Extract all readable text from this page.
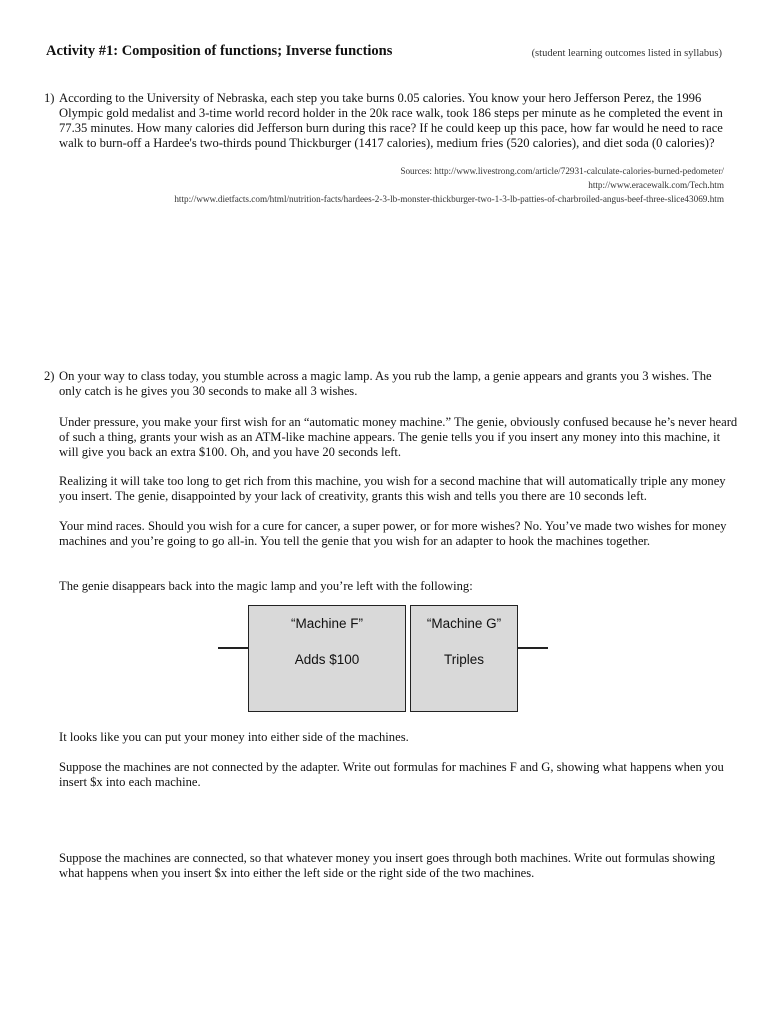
Activity #1: Composition of functions; Inverse functions	(student learning outcomes listed in syllabus)
1) According to the University of Nebraska, each step you take burns 0.05 calories. You know your hero Jefferson Perez, the 1996 Olympic gold medalist and 3-time world record holder in the 20k race walk, took 186 steps per minute as he completed the event in 77.35 minutes. How many calories did Jefferson burn during this race? If he could keep up this pace, how far would he need to race walk to burn-off a Hardee's two-thirds pound Thickburger (1417 calories), medium fries (520 calories), and diet soda (0 calories)?
Sources: http://www.livestrong.com/article/72931-calculate-calories-burned-pedometer/
http://www.eracewalk.com/Tech.htm
http://www.dietfacts.com/html/nutrition-facts/hardees-2-3-lb-monster-thickburger-two-1-3-lb-patties-of-charbroiled-angus-beef-three-slice43069.htm
2) On your way to class today, you stumble across a magic lamp. As you rub the lamp, a genie appears and grants you 3 wishes. The only catch is he gives you 30 seconds to make all 3 wishes.
Under pressure, you make your first wish for an “automatic money machine.” The genie, obviously confused because he’s never heard of such a thing, grants your wish as an ATM-like machine appears. The genie tells you if you insert any money into this machine, it will give you back an extra $100. Oh, and you have 20 seconds left.
Realizing it will take too long to get rich from this machine, you wish for a second machine that will automatically triple any money you insert. The genie, disappointed by your lack of creativity, grants this wish and tells you there are 10 seconds left.
Your mind races. Should you wish for a cure for cancer, a super power, or for more wishes? No. You’ve made two wishes for money machines and you’re going to go all-in. You tell the genie that you wish for an adapter to hook the machines together.
The genie disappears back into the magic lamp and you’re left with the following:
“Machine F”
Adds $100
“Machine G”
Triples
It looks like you can put your money into either side of the machines.
Suppose the machines are not connected by the adapter. Write out formulas for machines F and G, showing what happens when you insert $x into each machine.
Suppose the machines are connected, so that whatever money you insert goes through both machines. Write out formulas showing what happens when you insert $x into either the left side or the right side of the two machines.
